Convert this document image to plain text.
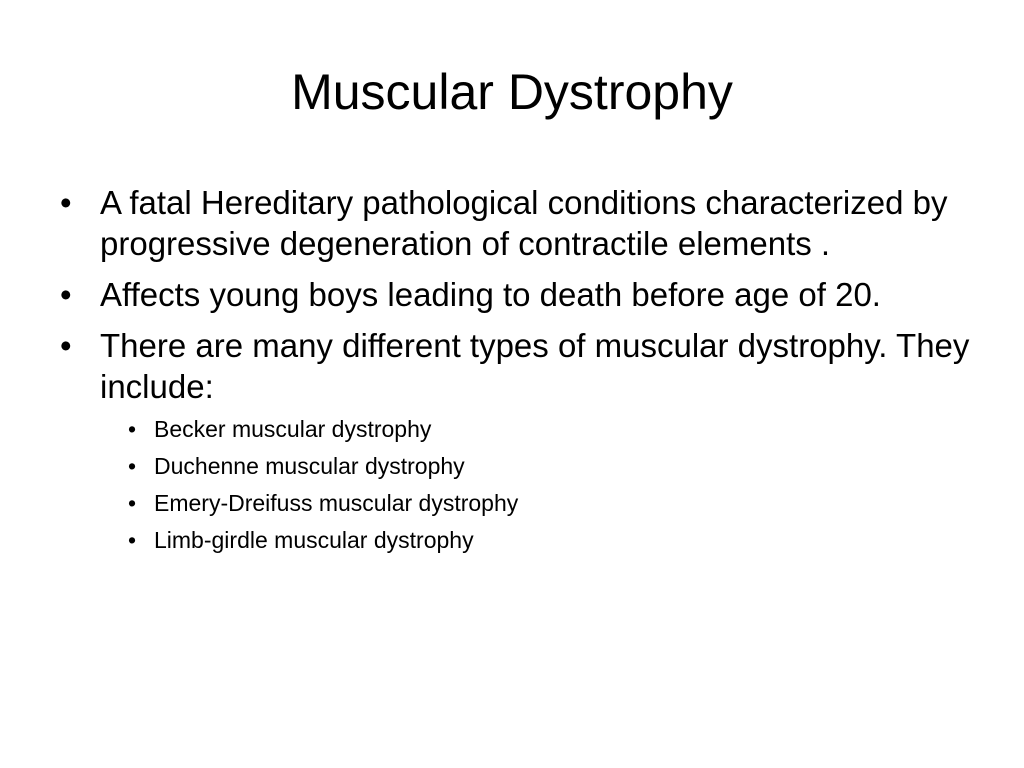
Muscular Dystrophy
• A fatal Hereditary pathological conditions characterized by progressive degeneration of contractile elements .
• Affects young boys leading to death before age of 20.
• There are many different types of muscular dystrophy. They include:
• Becker muscular dystrophy
• Duchenne muscular dystrophy
• Emery-Dreifuss muscular dystrophy
• Limb-girdle muscular dystrophy
